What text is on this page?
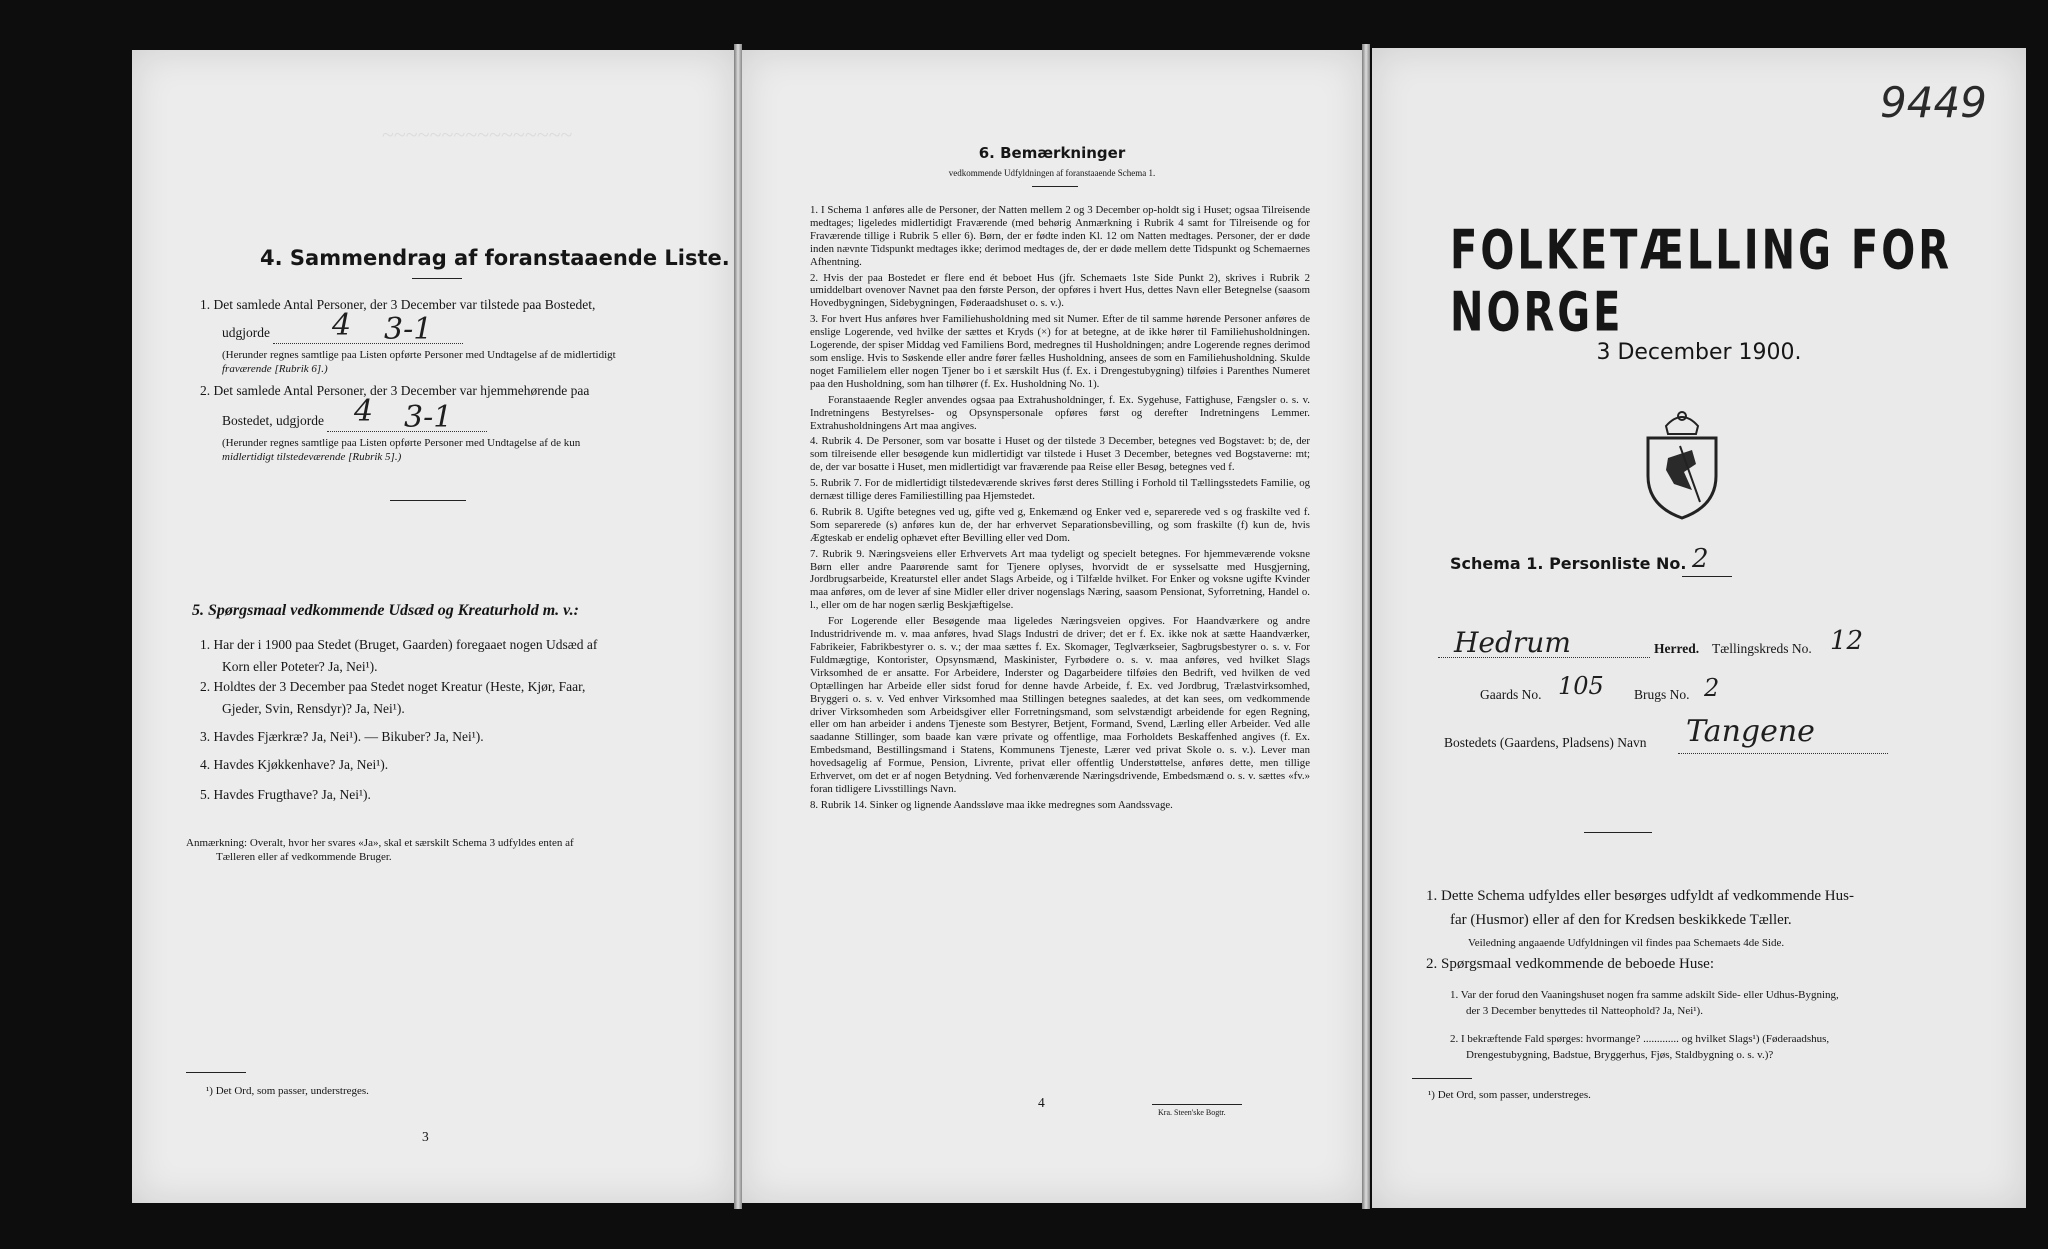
~~~~~~~~~~~~~~~~
4. Sammendrag af foranstaaende Liste.
1. Det samlede Antal Personer, der 3 December var tilstede paa Bostedet,
udgjorde	4 3-1
(Herunder regnes samtlige paa Listen opførte Personer med Undtagelse af de midlertidigt
fraværende [Rubrik 6].)
2. Det samlede Antal Personer, der 3 December var hjemmehørende paa
Bostedet, udgjorde	4 3-1
(Herunder regnes samtlige paa Listen opførte Personer med Undtagelse af de kun
midlertidigt tilstedeværende [Rubrik 5].)
5. Spørgsmaal vedkommende Udsæd og Kreaturhold m. v.:
1. Har der i 1900 paa Stedet (Bruget, Gaarden) foregaaet nogen Udsæd af
Korn eller Poteter? Ja, Nei¹).
2. Holdtes der 3 December paa Stedet noget Kreatur (Heste, Kjør, Faar,
Gjeder, Svin, Rensdyr)? Ja, Nei¹).
3. Havdes Fjærkræ? Ja, Nei¹). — Bikuber? Ja, Nei¹).
4. Havdes Kjøkkenhave? Ja, Nei¹).
5. Havdes Frugthave? Ja, Nei¹).
Anmærkning: Overalt, hvor her svares «Ja», skal et særskilt Schema 3 udfyldes enten af
Tælleren eller af vedkommende Bruger.
¹) Det Ord, som passer, understreges.
3
6. Bemærkninger
vedkommende Udfyldningen af foranstaaende Schema 1.

1. I Schema 1 anføres alle de Personer, der Natten mellem 2 og 3 December op-holdt sig i Huset; ogsaa Tilreisende medtages; ligeledes midlertidigt Fraværende (med behørig Anmærkning i Rubrik 4 samt for Tilreisende og for Fraværende tillige i Rubrik 5 eller 6). Børn, der er fødte inden Kl. 12 om Natten medtages. Personer, der er døde inden nævnte Tidspunkt medtages ikke; derimod medtages de, der er døde mellem dette Tidspunkt og Schemaernes Afhentning.

2. Hvis der paa Bostedet er flere end ét beboet Hus (jfr. Schemaets 1ste Side Punkt 2), skrives i Rubrik 2 umiddelbart ovenover Navnet paa den første Person, der opføres i hvert Hus, dettes Navn eller Betegnelse (saasom Hovedbygningen, Sidebygningen, Føderaadshuset o. s. v.).

3. For hvert Hus anføres hver Familiehusholdning med sit Numer. Efter de til samme hørende Personer anføres de enslige Logerende, ved hvilke der sættes et Kryds (×) for at betegne, at de ikke hører til Familiehusholdningen. Logerende, der spiser Middag ved Familiens Bord, medregnes til Husholdningen; andre Logerende regnes derimod som enslige. Hvis to Søskende eller andre fører fælles Husholdning, ansees de som en Familiehusholdning. Skulde noget Familielem eller nogen Tjener bo i et særskilt Hus (f. Ex. i Drengestubygning) tilføies i Parenthes Numeret paa den Husholdning, som han tilhører (f. Ex. Husholdning No. 1).

Foranstaaende Regler anvendes ogsaa paa Extrahusholdninger, f. Ex. Sygehuse, Fattighuse, Fængsler o. s. v. Indretningens Bestyrelses- og Opsynspersonale opføres først og derefter Indretningens Lemmer. Extrahusholdningens Art maa angives.

4. Rubrik 4. De Personer, som var bosatte i Huset og der tilstede 3 December, betegnes ved Bogstavet: b; de, der som tilreisende eller besøgende kun midlertidigt var tilstede i Huset 3 December, betegnes ved Bogstaverne: mt; de, der var bosatte i Huset, men midlertidigt var fraværende paa Reise eller Besøg, betegnes ved f.

5. Rubrik 7. For de midlertidigt tilstedeværende skrives først deres Stilling i Forhold til Tællingsstedets Familie, og dernæst tillige deres Familiestilling paa Hjemstedet.

6. Rubrik 8. Ugifte betegnes ved ug, gifte ved g, Enkemænd og Enker ved e, separerede ved s og fraskilte ved f. Som separerede (s) anføres kun de, der har erhvervet Separationsbevilling, og som fraskilte (f) kun de, hvis Ægteskab er endelig ophævet efter Bevilling eller ved Dom.

7. Rubrik 9. Næringsveiens eller Erhvervets Art maa tydeligt og specielt betegnes. For hjemmeværende voksne Børn eller andre Paarørende samt for Tjenere oplyses, hvorvidt de er sysselsatte med Husgjerning, Jordbrugsarbeide, Kreaturstel eller andet Slags Arbeide, og i Tilfælde hvilket. For Enker og voksne ugifte Kvinder maa anføres, om de lever af sine Midler eller driver nogenslags Næring, saasom Pensionat, Syforretning, Handel o. l., eller om de har nogen særlig Beskjæftigelse.

For Logerende eller Besøgende maa ligeledes Næringsveien opgives. For Haandværkere og andre Industridrivende m. v. maa anføres, hvad Slags Industri de driver; det er f. Ex. ikke nok at sætte Haandværker, Fabrikeier, Fabrikbestyrer o. s. v.; der maa sættes f. Ex. Skomager, Teglværkseier, Sagbrugsbestyrer o. s. v. For Fuldmægtige, Kontorister, Opsynsmænd, Maskinister, Fyrbødere o. s. v. maa anføres, ved hvilket Slags Virksomhed de er ansatte. For Arbeidere, Inderster og Dagarbeidere tilføies den Bedrift, ved hvilken de ved Optællingen har Arbeide eller sidst forud for denne havde Arbeide, f. Ex. ved Jordbrug, Trælastvirksomhed, Bryggeri o. s. v. Ved enhver Virksomhed maa Stillingen betegnes saaledes, at det kan sees, om vedkommende driver Virksomheden som Arbeidsgiver eller Forretningsmand, som selvstændigt arbeidende for egen Regning, eller om han arbeider i andens Tjeneste som Bestyrer, Betjent, Formand, Svend, Lærling eller Arbeider. Ved alle saadanne Stillinger, som baade kan være private og offentlige, maa Forholdets Beskaffenhed angives (f. Ex. Embedsmand, Bestillingsmand i Statens, Kommunens Tjeneste, Lærer ved privat Skole o. s. v.). Lever man hovedsagelig af Formue, Pension, Livrente, privat eller offentlig Understøttelse, anføres dette, men tillige Erhvervet, om det er af nogen Betydning. Ved forhenværende Næringsdrivende, Embedsmænd o. s. v. sættes «fv.» foran tidligere Livsstillings Navn.

8. Rubrik 14. Sinker og lignende Aandssløve maa ikke medregnes som Aandssvage.

4
Kra. Steen'ske Bogtr.
9449
FOLKETÆLLING FOR NORGE
3 December 1900.
Schema 1. Personliste No. 2
Hedrum	Herred. Tællingskreds No. 12
Gaards No. 105 Brugs No. 2
Bostedets (Gaardens, Pladsens) Navn Tangene
1. Dette Schema udfyldes eller besørges udfyldt af vedkommende Hus-
far (Husmor) eller af den for Kredsen beskikkede Tæller.
Veiledning angaaende Udfyldningen vil findes paa Schemaets 4de Side.
2. Spørgsmaal vedkommende de beboede Huse:
1. Var der forud den Vaaningshuset nogen fra samme adskilt Side- eller Udhus-Bygning,
der 3 December benyttedes til Natteophold? Ja, Nei¹).
2. I bekræftende Fald spørges: hvormange? ............. og hvilket Slags¹) (Føderaadshus,
Drengestubygning, Badstue, Bryggerhus, Fjøs, Staldbygning o. s. v.)?
¹) Det Ord, som passer, understreges.
